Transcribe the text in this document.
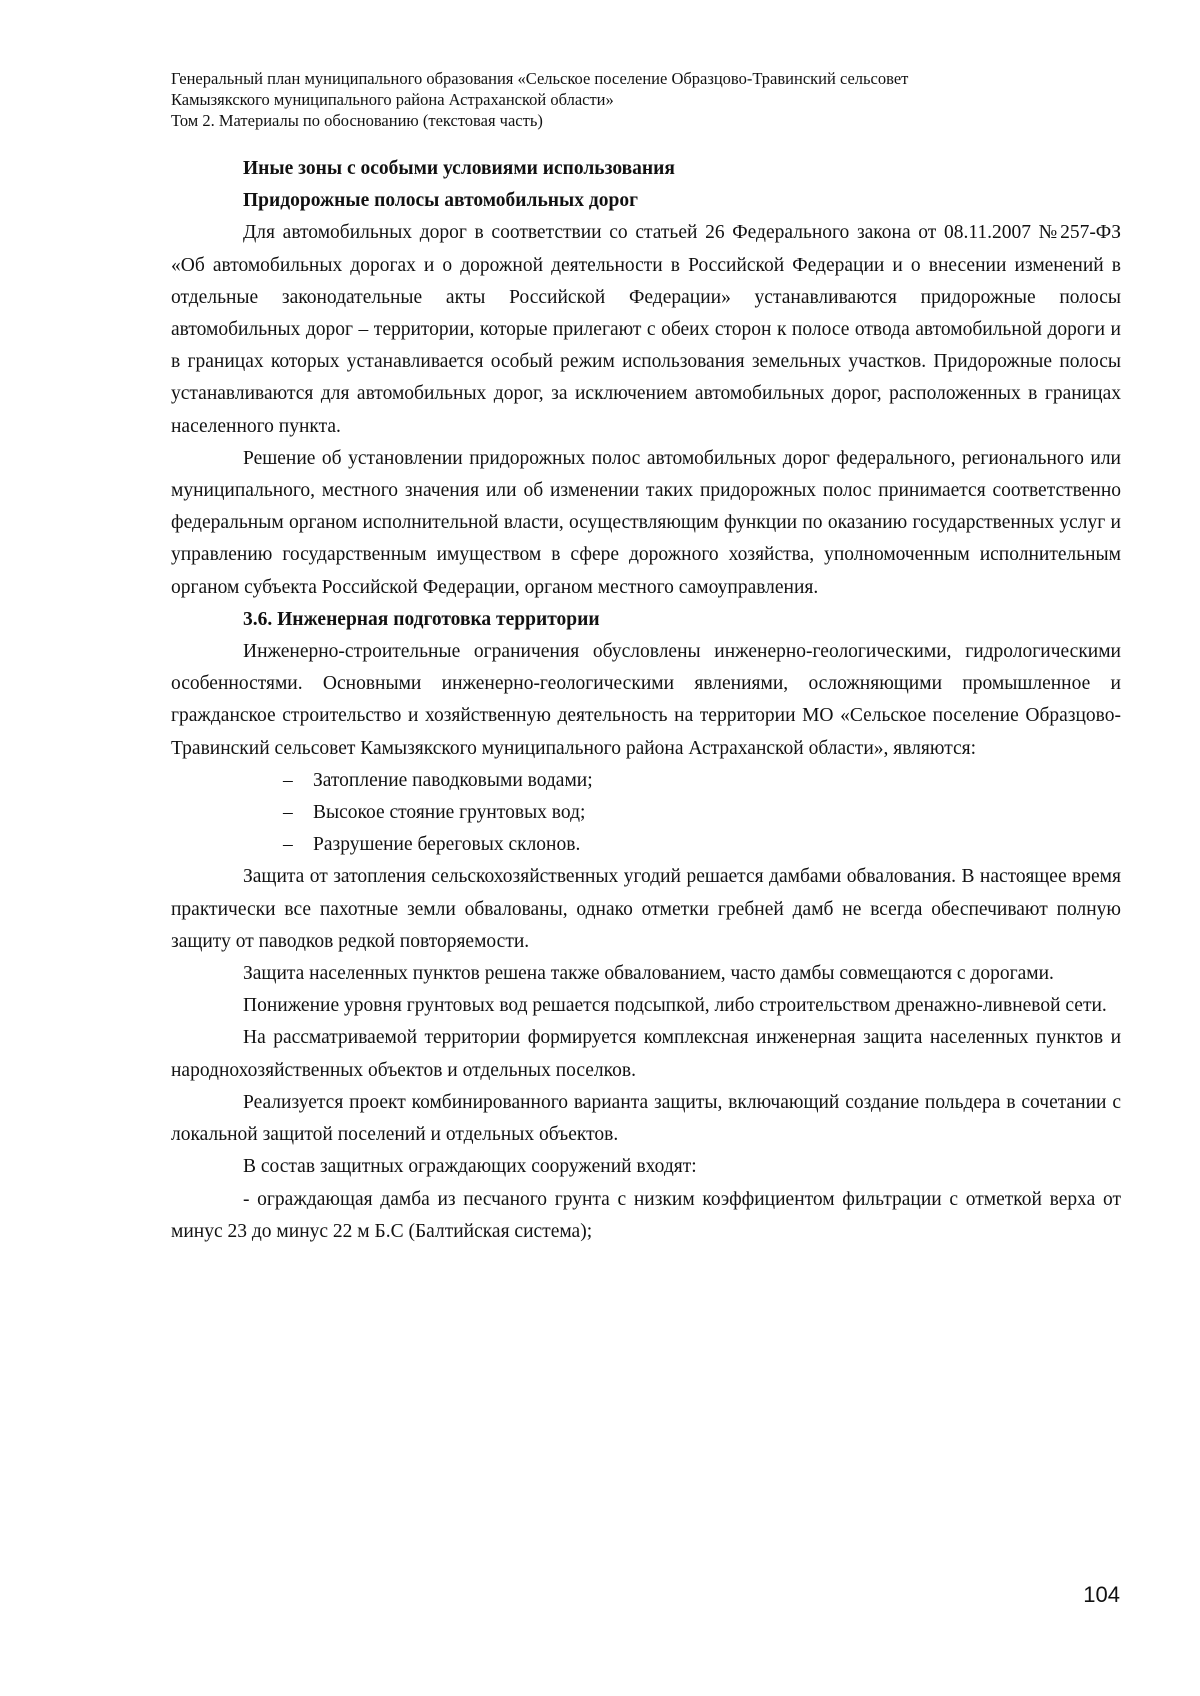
Генеральный план муниципального образования «Сельское поселение Образцово-Травинский сельсовет
Камызякского муниципального района Астраханской области»
Том 2. Материалы по обоснованию (текстовая часть)

Иные зоны с особыми условиями использования

Придорожные полосы автомобильных дорог

Для автомобильных дорог в соответствии со статьей 26 Федерального закона от 08.11.2007 №257-ФЗ «Об автомобильных дорогах и о дорожной деятельности в Российской Федерации и о внесении изменений в отдельные законодательные акты Российской Федерации» устанавливаются придорожные полосы автомобильных дорог – территории, которые прилегают с обеих сторон к полосе отвода автомобильной дороги и в границах которых устанавливается особый режим использования земельных участков. Придорожные полосы устанавливаются для автомобильных дорог, за исключением автомобильных дорог, расположенных в границах населенного пункта.

Решение об установлении придорожных полос автомобильных дорог федерального, регионального или муниципального, местного значения или об изменении таких придорожных полос принимается соответственно федеральным органом исполнительной власти, осуществляющим функции по оказанию государственных услуг и управлению государственным имуществом в сфере дорожного хозяйства, уполномоченным исполнительным органом субъекта Российской Федерации, органом местного самоуправления.

3.6. Инженерная подготовка территории

Инженерно-строительные ограничения обусловлены инженерно-геологическими, гидрологическими особенностями. Основными инженерно-геологическими явлениями, осложняющими промышленное и гражданское строительство и хозяйственную деятельность на территории МО «Сельское поселение Образцово-Травинский сельсовет Камызякского муниципального района Астраханской области», являются:

– Затопление паводковыми водами;
– Высокое стояние грунтовых вод;
– Разрушение береговых склонов.

Защита от затопления сельскохозяйственных угодий решается дамбами обвалования. В настоящее время практически все пахотные земли обвалованы, однако отметки гребней дамб не всегда обеспечивают полную защиту от паводков редкой повторяемости.

Защита населенных пунктов решена также обвалованием, часто дамбы совмещаются с дорогами.

Понижение уровня грунтовых вод решается подсыпкой, либо строительством дренажно-ливневой сети.

На рассматриваемой территории формируется комплексная инженерная защита населенных пунктов и народнохозяйственных объектов и отдельных поселков.

Реализуется проект комбинированного варианта защиты, включающий создание польдера в сочетании с локальной защитой поселений и отдельных объектов.

В состав защитных ограждающих сооружений входят:

- ограждающая дамба из песчаного грунта с низким коэффициентом фильтрации с отметкой верха от минус 23 до минус 22 м Б.С (Балтийская система);

104
